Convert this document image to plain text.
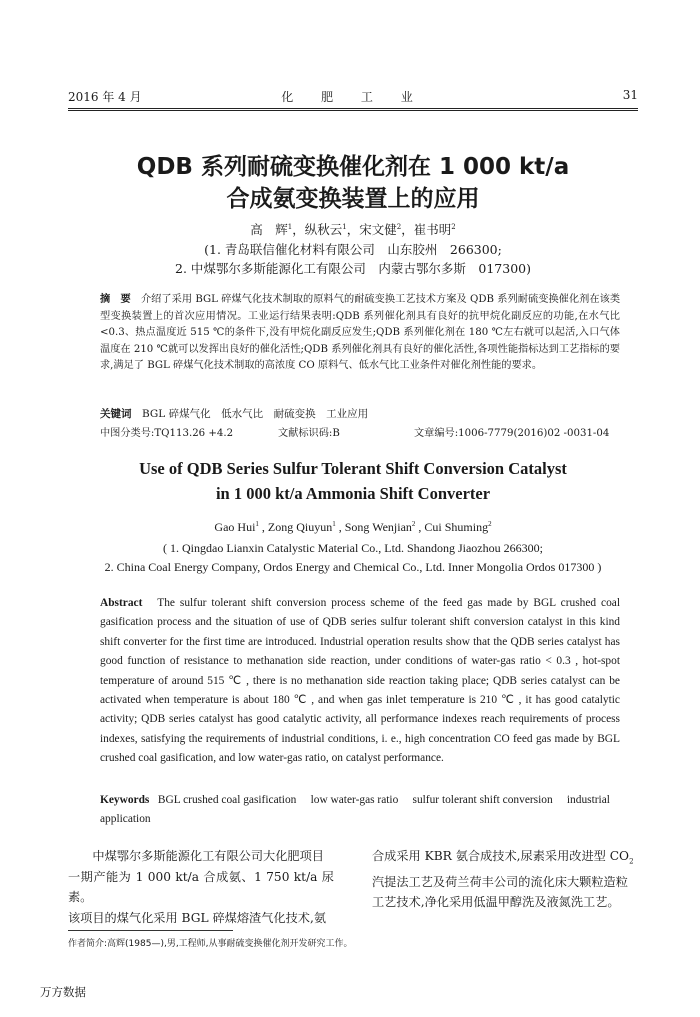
2016 年 4 月	化 肥 工 业	31
QDB 系列耐硫变换催化剂在 1 000 kt/a
合成氨变换装置上的应用
高　辉$^1$，纵秋云$^1$，宋文健$^2$，崔书明$^2$
(1. 青岛联信催化材料有限公司　山东胶州　266300;
2. 中煤鄂尔多斯能源化工有限公司　内蒙古鄂尔多斯　017300)
摘　要　 介绍了采用 BGL 碎煤气化技术制取的原料气的耐硫变换工艺技术方案及 QDB 系列耐硫变换催化剂在该类型变换装置上的首次应用情况。工业运行结果表明:QDB 系列催化剂具有良好的抗甲烷化副反应的功能,在水气比 <0.3、热点温度近 515 ℃的条件下,没有甲烷化副反应发生;QDB 系列催化剂在 180 ℃左右就可以起活,入口气体温度在 210 ℃就可以发挥出良好的催化活性;QDB 系列催化剂具有良好的催化活性,各项性能指标达到工艺指标的要求,满足了 BGL 碎煤气化技术制取的高浓度 CO 原料气、低水气比工业条件对催化剂性能的要求。
关键词　 BGL 碎煤气化　低水气比　耐硫变换　工业应用
中图分类号:TQ113.26 +4.2	文献标识码:B	文章编号:1006-7779(2016)02 -0031-04
Use of QDB Series Sulfur Tolerant Shift Conversion Catalyst
in 1 000 kt/a Ammonia Shift Converter
Gao Hui$^1$ , Zong Qiuyun$^1$ , Song Wenjian$^2$ , Cui Shuming$^2$
( 1. Qingdao Lianxin Catalystic Material Co., Ltd. Shandong Jiaozhou 266300;
2. China Coal Energy Company, Ordos Energy and Chemical Co., Ltd. Inner Mongolia Ordos 017300 )
Abstract The sulfur tolerant shift conversion process scheme of the feed gas made by BGL crushed coal gasification process and the situation of use of QDB series sulfur tolerant shift conversion catalyst in this kind shift converter for the first time are introduced. Industrial operation results show that the QDB series catalyst has good function of resistance to methanation side reaction, under conditions of water-gas ratio < 0.3 , hot-spot temperature of around 515 ℃ , there is no methanation side reaction taking place; QDB series catalyst can be activated when temperature is about 180 ℃ , and when gas inlet temperature is 210 ℃ , it has good catalytic activity; QDB series catalyst has good catalytic activity, all performance indexes reach requirements of process indexes, satisfying the requirements of industrial conditions, i. e., high concentration CO feed gas made by BGL crushed coal gasification, and low water-gas ratio, on catalyst performance.
Keywords BGL crushed coal gasification　 low water-gas ratio　 sulfur tolerant shift conversion　 industrial application
中煤鄂尔多斯能源化工有限公司大化肥项目
一期产能为 1 000 kt/a 合成氨、1 750 kt/a 尿素。
该项目的煤气化采用 BGL 碎煤熔渣气化技术,氨
合成采用 KBR 氨合成技术,尿素采用改进型 $CO_2$
汽提法工艺及荷兰荷丰公司的流化床大颗粒造粒
工艺技术,净化采用低温甲醇洗及液氮洗工艺。
作者简介:高辉(1985—),男,工程师,从事耐硫变换催化剂开发研究工作。
万方数据
